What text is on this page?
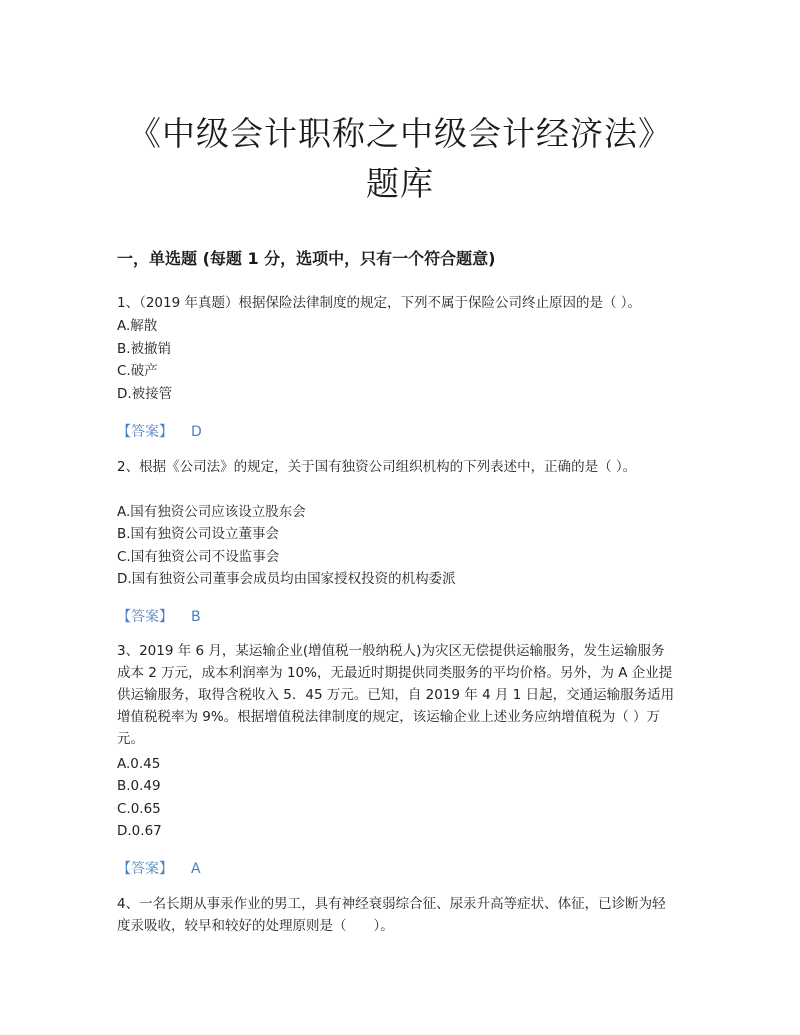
《中级会计职称之中级会计经济法》
题库
一，单选题 (每题 1 分，选项中，只有一个符合题意)
1、（2019 年真题）根据保险法律制度的规定，下列不属于保险公司终止原因的是（ ）。
A.解散
B.被撤销
C.破产
D.被接管
【答案】 D
2、根据《公司法》的规定，关于国有独资公司组织机构的下列表述中，正确的是（ ）。
A.国有独资公司应该设立股东会
B.国有独资公司设立董事会
C.国有独资公司不设监事会
D.国有独资公司董事会成员均由国家授权投资的机构委派
【答案】 B
3、2019 年 6 月，某运输企业(增值税一般纳税人)为灾区无偿提供运输服务，发生运输服务成本 2 万元，成本利润率为 10%，无最近时期提供同类服务的平均价格。另外，为 A 企业提供运输服务，取得含税收入 5．45 万元。已知，自 2019 年 4 月 1 日起，交通运输服务适用增值税税率为 9%。根据增值税法律制度的规定，该运输企业上述业务应纳增值税为（ ）万元。
A.0.45
B.0.49
C.0.65
D.0.67
【答案】 A
4、一名长期从事汞作业的男工，具有神经衰弱综合征、尿汞升高等症状、体征，已诊断为轻度汞吸收，较早和较好的处理原则是（　　）。
